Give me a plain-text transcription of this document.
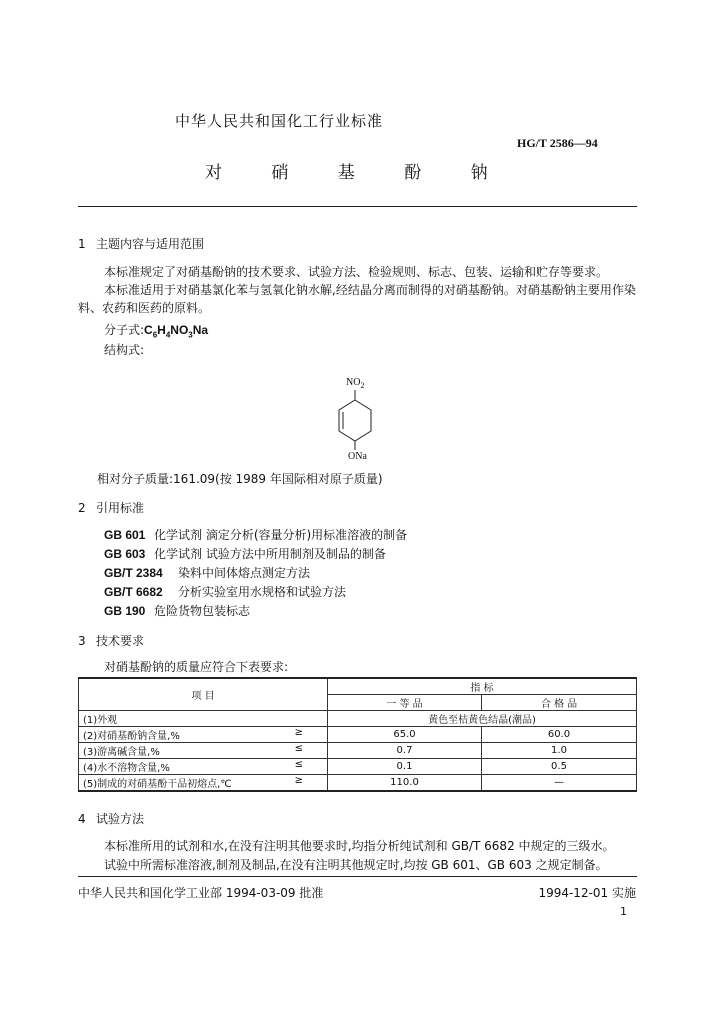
中华人民共和国化工行业标准
HG/T 2586—94
对 硝 基 酚 钠
1 主题内容与适用范围
本标准规定了对硝基酚钠的技术要求、试验方法、检验规则、标志、包装、运输和贮存等要求。
本标准适用于对硝基氯化苯与氢氧化钠水解,经结晶分离而制得的对硝基酚钠。对硝基酚钠主要用作染料、农药和医药的原料。
分子式$:C_6H_4NO_3Na$
结构式:
$NO_2$
ONa
相对分子质量:161.09(按 1989 年国际相对原子质量)
2 引用标准
GB 601 化学试剂 滴定分析(容量分析)用标准溶液的制备
GB 603 化学试剂 试验方法中所用制剂及制品的制备
GB/T 2384 染料中间体熔点测定方法
GB/T 6682 分析实验室用水规格和试验方法
GB 190 危险货物包装标志
3 技术要求
对硝基酚钠的质量应符合下表要求:
项 目	指 标	
	一 等 品	合 格 品
(1)外观	黄色至桔黄色结晶(潮品)	

(2)对硝基酚钠含量,% ≥	65.0	60.0

(3)游离碱含量,% ≤	0.7	1.0

(4)水不溶物含量,% ≤	0.1	0.5

(5)制成的对硝基酚干品初熔点,℃ ≥	110.0	—
4 试验方法
本标准所用的试剂和水,在没有注明其他要求时,均指分析纯试剂和 GB/T 6682 中规定的三级水。
试验中所需标准溶液,制剂及制品,在没有注明其他规定时,均按 GB 601、GB 603 之规定制备。
中华人民共和国化学工业部 1994-03-09 批准	1994-12-01 实施
1
